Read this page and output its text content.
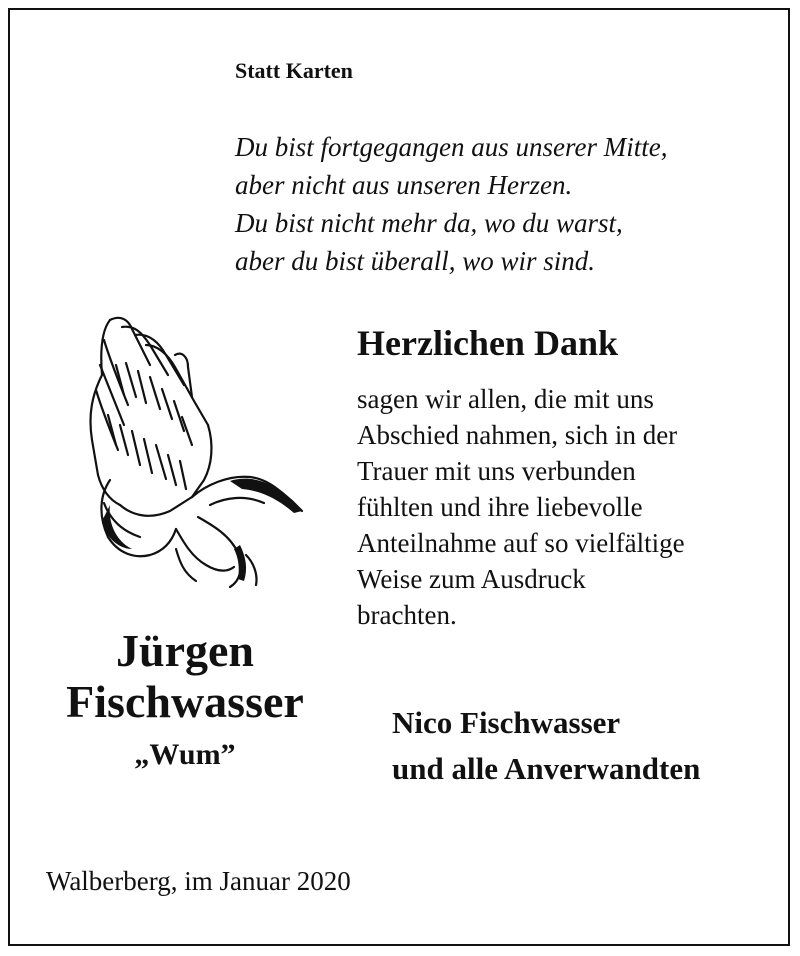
Statt Karten
Du bist fortgegangen aus unserer Mitte,
aber nicht aus unseren Herzen.
Du bist nicht mehr da, wo du warst,
aber du bist überall, wo wir sind.
Herzlichen Dank
sagen wir allen, die mit uns
Abschied nahmen, sich in der
Trauer mit uns verbunden
fühlten und ihre liebevolle
Anteilnahme auf so vielfältige
Weise zum Ausdruck
brachten.
Jürgen
Fischwasser
„Wum”
Nico Fischwasser
und alle Anverwandten
Walberberg, im Januar 2020
